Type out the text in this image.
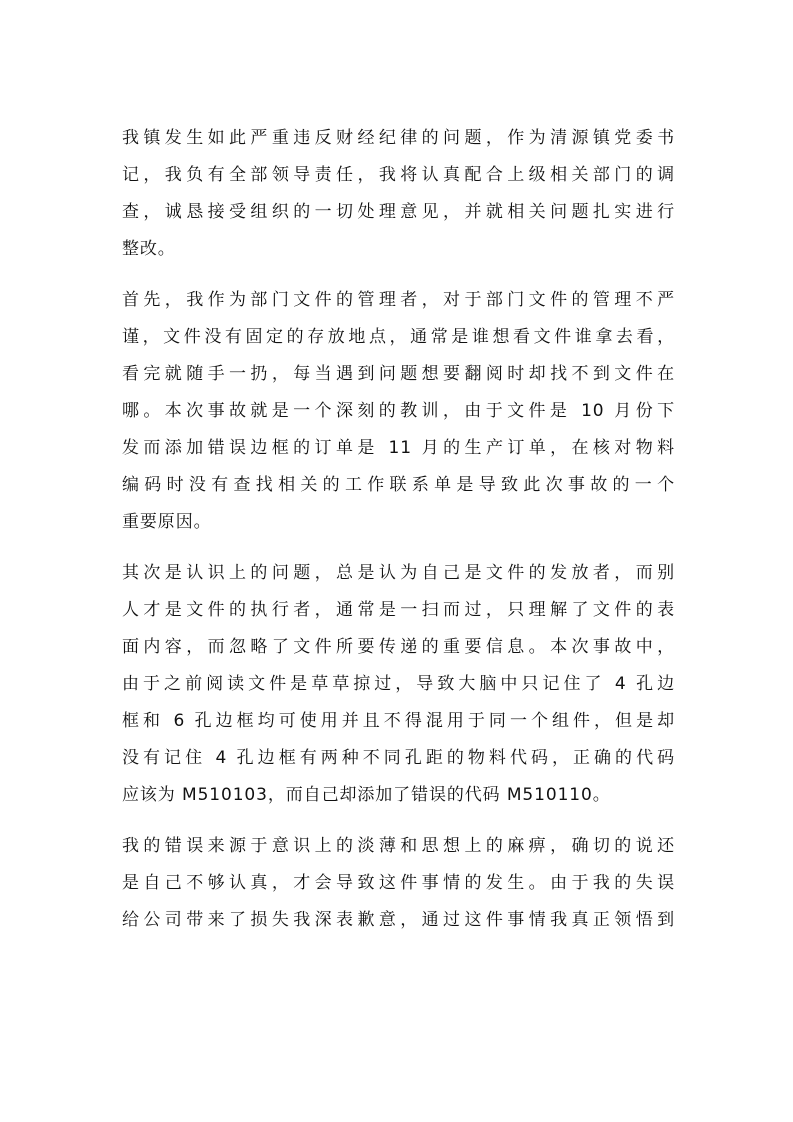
我镇发生如此严重违反财经纪律的问题，作为清源镇党委书
记，我负有全部领导责任，我将认真配合上级相关部门的调
查，诚恳接受组织的一切处理意见，并就相关问题扎实进行
整改。
首先，我作为部门文件的管理者，对于部门文件的管理不严
谨，文件没有固定的存放地点，通常是谁想看文件谁拿去看，
看完就随手一扔，每当遇到问题想要翻阅时却找不到文件在
哪。本次事故就是一个深刻的教训，由于文件是 10 月份下
发而添加错误边框的订单是 11 月的生产订单，在核对物料
编码时没有查找相关的工作联系单是导致此次事故的一个
重要原因。
其次是认识上的问题，总是认为自己是文件的发放者，而别
人才是文件的执行者，通常是一扫而过，只理解了文件的表
面内容，而忽略了文件所要传递的重要信息。本次事故中，
由于之前阅读文件是草草掠过，导致大脑中只记住了 4 孔边
框和 6 孔边框均可使用并且不得混用于同一个组件，但是却
没有记住 4 孔边框有两种不同孔距的物料代码，正确的代码
应该为 M510103，而自己却添加了错误的代码 M510110。
我的错误来源于意识上的淡薄和思想上的麻痹，确切的说还
是自己不够认真，才会导致这件事情的发生。由于我的失误
给公司带来了损失我深表歉意，通过这件事情我真正领悟到
